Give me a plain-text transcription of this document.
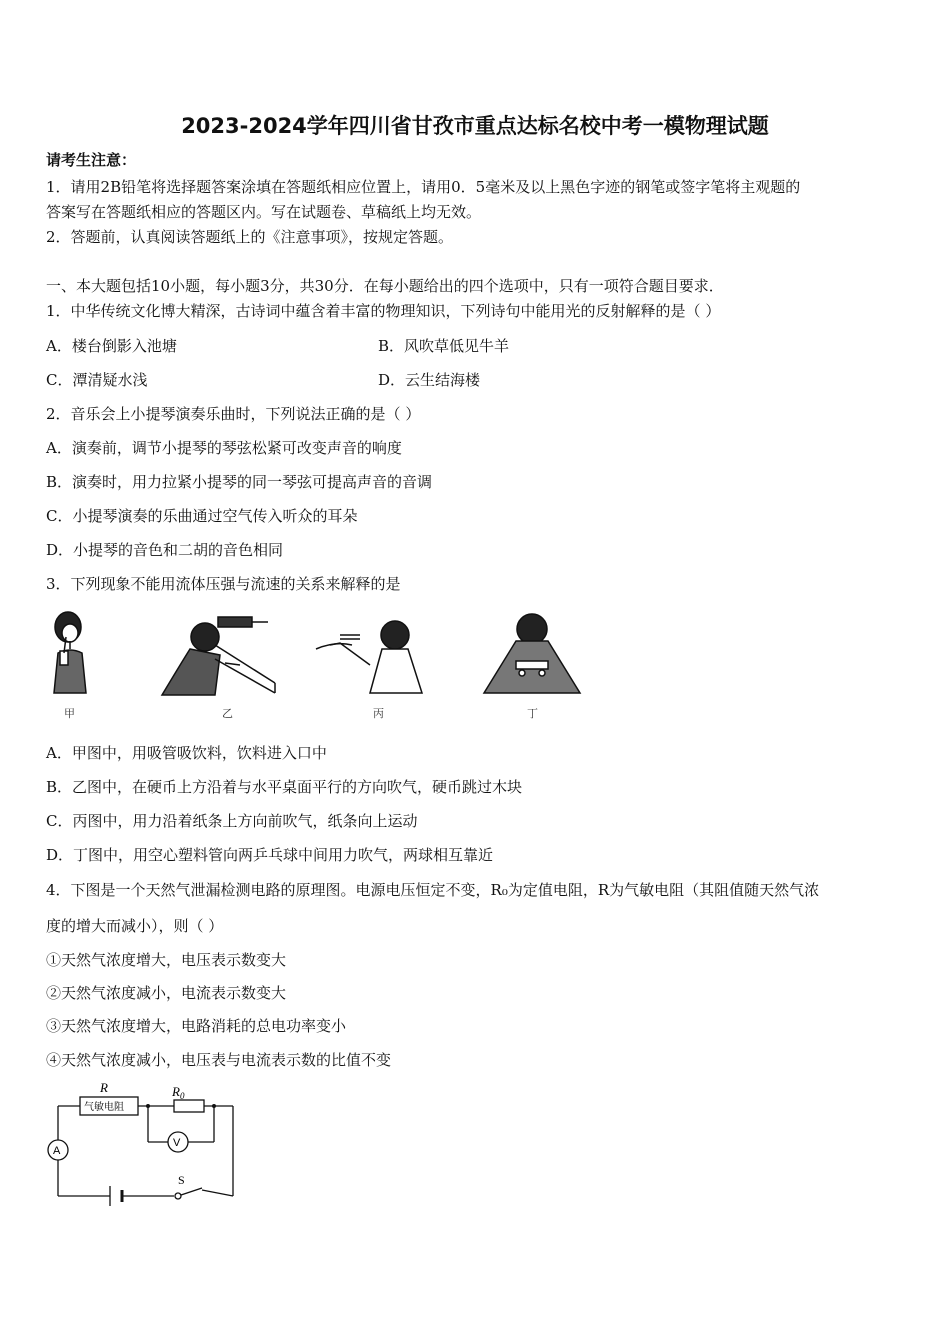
2023-2024学年四川省甘孜市重点达标名校中考一模物理试题
请考生注意：
1．请用2B铅笔将选择题答案涂填在答题纸相应位置上，请用0．5毫米及以上黑色字迹的钢笔或签字笔将主观题的
答案写在答题纸相应的答题区内。写在试题卷、草稿纸上均无效。
2．答题前，认真阅读答题纸上的《注意事项》，按规定答题。
一、本大题包括10小题，每小题3分，共30分．在每小题给出的四个选项中，只有一项符合题目要求．
1．中华传统文化博大精深，古诗词中蕴含着丰富的物理知识，下列诗句中能用光的反射解释的是（ ）
A．楼台倒影入池塘	B．风吹草低见牛羊
C．潭清疑水浅	D．云生结海楼
2．音乐会上小提琴演奏乐曲时，下列说法正确的是（ ）
A．演奏前，调节小提琴的琴弦松紧可改变声音的响度
B．演奏时，用力拉紧小提琴的同一琴弦可提高声音的音调
C．小提琴演奏的乐曲通过空气传入听众的耳朵
D．小提琴的音色和二胡的音色相同
3．下列现象不能用流体压强与流速的关系来解释的是
甲	乙	丙	丁
A．甲图中，用吸管吸饮料，饮料进入口中
B．乙图中，在硬币上方沿着与水平桌面平行的方向吹气，硬币跳过木块
C．丙图中，用力沿着纸条上方向前吹气，纸条向上运动
D．丁图中，用空心塑料管向两乒乓球中间用力吹气，两球相互靠近
4．下图是一个天然气泄漏检测电路的原理图。电源电压恒定不变，R₀为定值电阻，R为气敏电阻（其阻值随天然气浓
度的增大而减小），则（ ）
①天然气浓度增大，电压表示数变大
②天然气浓度减小，电流表示数变大
③天然气浓度增大，电路消耗的总电功率变小
④天然气浓度减小，电压表与电流表示数的比值不变
R
气敏电阻
$R_0$
V
A
S
